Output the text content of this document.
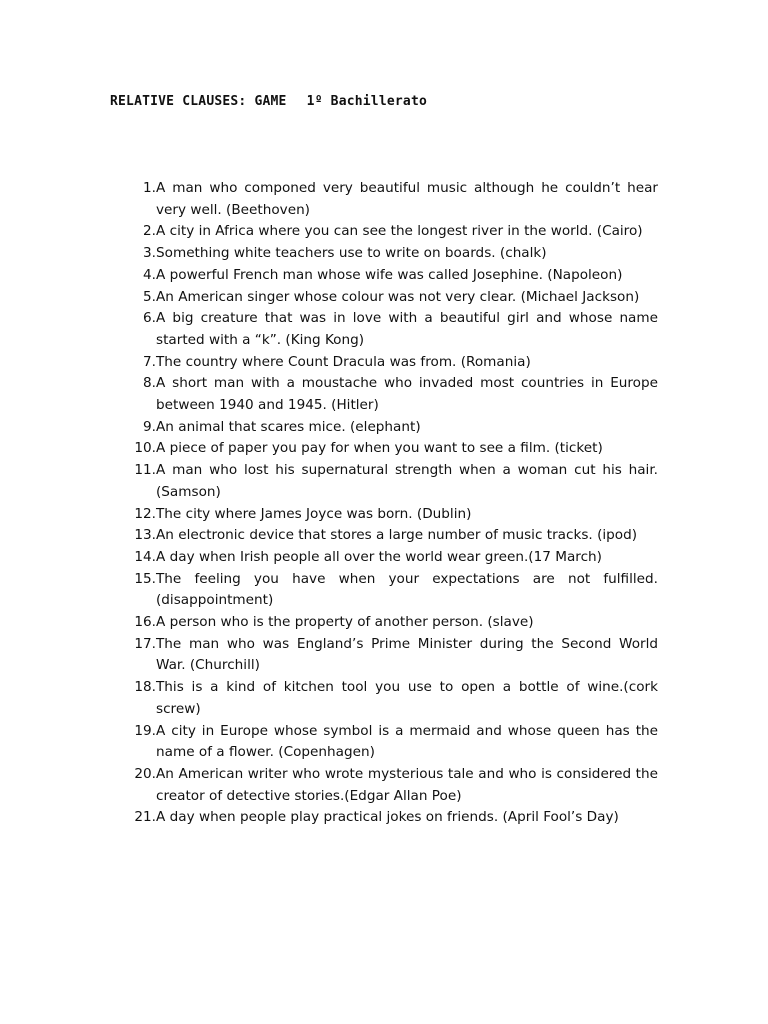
RELATIVE CLAUSES: GAME 1º Bachillerato
1. A man who componed very beautiful music although he couldn’t hear very well. (Beethoven)
2. A city in Africa where you can see the longest river in the world. (Cairo)
3. Something white teachers use to write on boards. (chalk)
4. A powerful French man whose wife was called Josephine. (Napoleon)
5. An American singer whose colour was not very clear. (Michael Jackson)
6. A big creature that was in love with a beautiful girl and whose name started with a “k”. (King Kong)
7. The country where Count Dracula was from. (Romania)
8. A short man with a moustache who invaded most countries in Europe between 1940 and 1945. (Hitler)
9. An animal that scares mice. (elephant)
10. A piece of paper you pay for when you want to see a film. (ticket)
11. A man who lost his supernatural strength when a woman cut his hair. (Samson)
12. The city where James Joyce was born. (Dublin)
13. An electronic device that stores a large number of music tracks. (ipod)
14. A day when Irish people all over the world wear green.(17 March)
15. The feeling you have when your expectations are not fulfilled. (disappointment)
16. A person who is the property of another person. (slave)
17. The man who was England’s Prime Minister during the Second World War. (Churchill)
18. This is a kind of kitchen tool you use to open a bottle of wine.(cork screw)
19. A city in Europe whose symbol is a mermaid and whose queen has the name of a flower. (Copenhagen)
20. An American writer who wrote mysterious tale and who is considered the creator of detective stories.(Edgar Allan Poe)
21. A day when people play practical jokes on friends. (April Fool’s Day)
